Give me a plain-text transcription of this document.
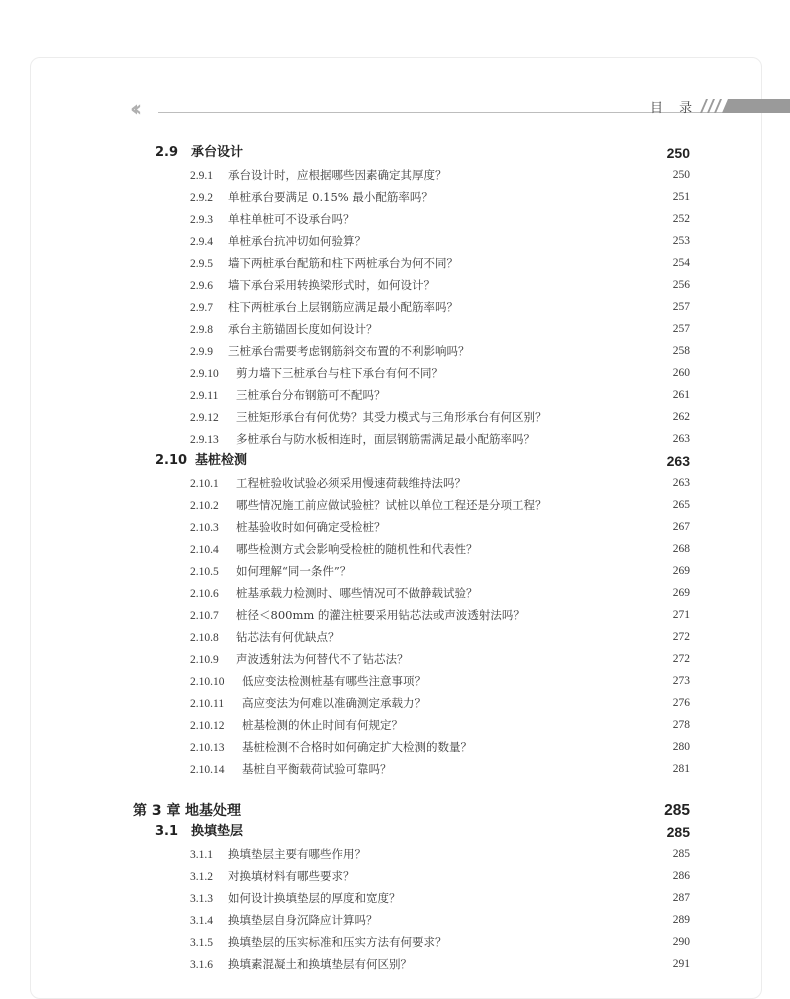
‹‹	目 录
2.9 承台设计	250
2.9.1 承台设计时，应根据哪些因素确定其厚度？	250
2.9.2 单桩承台要满足 0.15% 最小配筋率吗？	251
2.9.3 单柱单桩可不设承台吗？	252
2.9.4 单桩承台抗冲切如何验算？	253
2.9.5 墙下两桩承台配筋和柱下两桩承台为何不同？	254
2.9.6 墙下承台采用转换梁形式时，如何设计？	256
2.9.7 柱下两桩承台上层钢筋应满足最小配筋率吗？	257
2.9.8 承台主筋锚固长度如何设计？	257
2.9.9 三桩承台需要考虑钢筋斜交布置的不利影响吗？	258
2.9.10 剪力墙下三桩承台与柱下承台有何不同？	260
2.9.11 三桩承台分布钢筋可不配吗？	261
2.9.12 三桩矩形承台有何优势？其受力模式与三角形承台有何区别？	262
2.9.13 多桩承台与防水板相连时，面层钢筋需满足最小配筋率吗？	263
2.10 基桩检测	263
2.10.1 工程桩验收试验必须采用慢速荷载维持法吗？	263
2.10.2 哪些情况施工前应做试验桩？试桩以单位工程还是分项工程？	265
2.10.3 桩基验收时如何确定受检桩？	267
2.10.4 哪些检测方式会影响受检桩的随机性和代表性？	268
2.10.5 如何理解“同一条件”？	269
2.10.6 桩基承载力检测时、哪些情况可不做静载试验？	269
2.10.7 桩径＜800mm 的灌注桩要采用钻芯法或声波透射法吗？	271
2.10.8 钻芯法有何优缺点？	272
2.10.9 声波透射法为何替代不了钻芯法？	272
2.10.10 低应变法检测桩基有哪些注意事项？	273
2.10.11 高应变法为何难以准确测定承载力？	276
2.10.12 桩基检测的休止时间有何规定？	278
2.10.13 基桩检测不合格时如何确定扩大检测的数量？	280
2.10.14 基桩自平衡载荷试验可靠吗？	281
第 3 章 地基处理	285
3.1 换填垫层	285
3.1.1 换填垫层主要有哪些作用？	285
3.1.2 对换填材料有哪些要求？	286
3.1.3 如何设计换填垫层的厚度和宽度？	287
3.1.4 换填垫层自身沉降应计算吗？	289
3.1.5 换填垫层的压实标准和压实方法有何要求？	290
3.1.6 换填素混凝土和换填垫层有何区别？	291
